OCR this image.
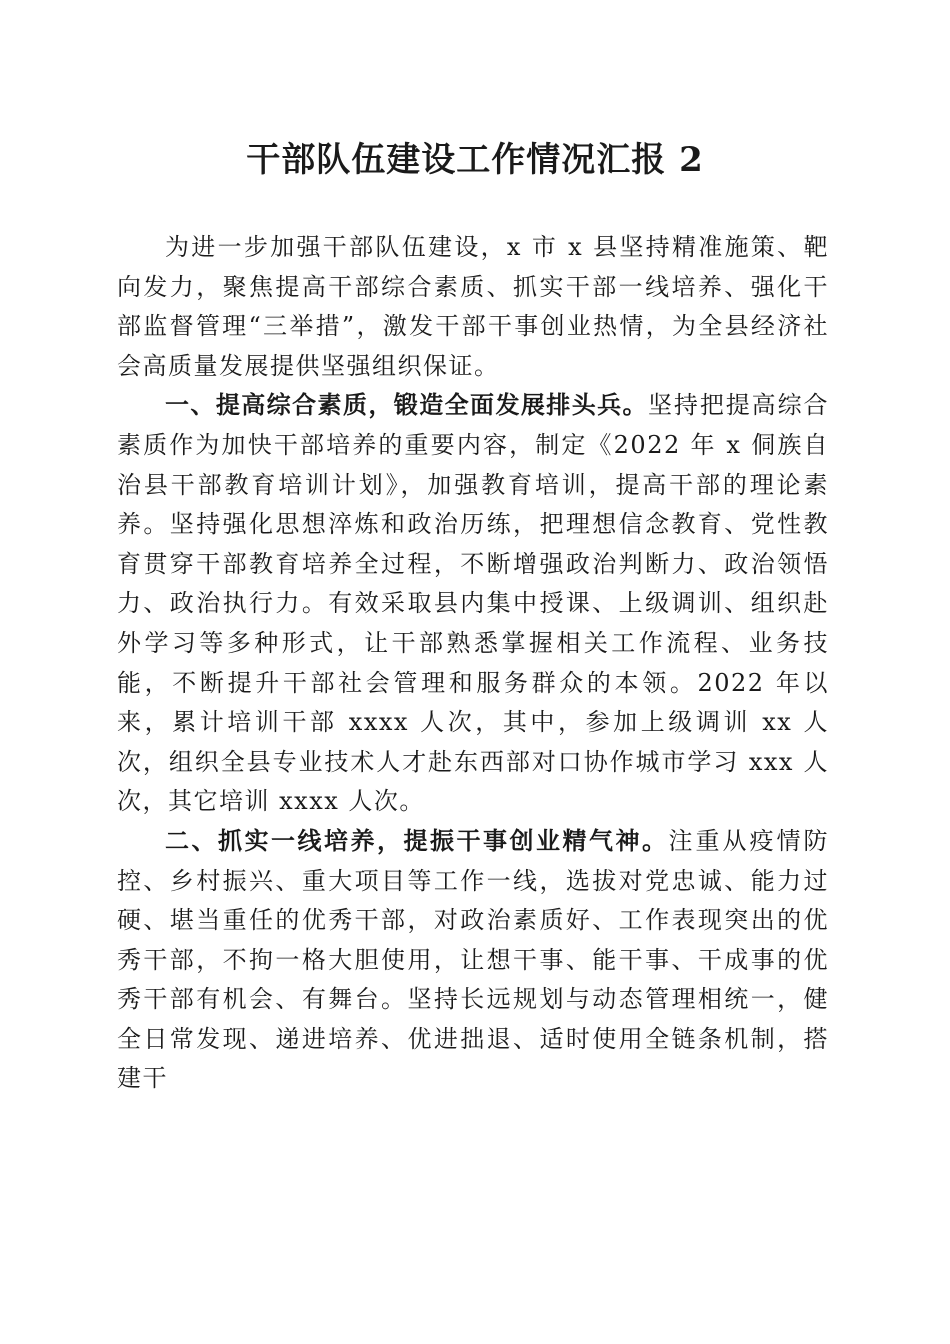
干部队伍建设工作情况汇报 2

为进一步加强干部队伍建设，x 市 x 县坚持精准施策、靶向发力，聚焦提高干部综合素质、抓实干部一线培养、强化干部监督管理“三举措”，激发干部干事创业热情，为全县经济社会高质量发展提供坚强组织保证。

一、提高综合素质，锻造全面发展排头兵。坚持把提高综合素质作为加快干部培养的重要内容，制定《2022 年 x 侗族自治县干部教育培训计划》，加强教育培训，提高干部的理论素养。坚持强化思想淬炼和政治历练，把理想信念教育、党性教育贯穿干部教育培养全过程，不断增强政治判断力、政治领悟力、政治执行力。有效采取县内集中授课、上级调训、组织赴外学习等多种形式，让干部熟悉掌握相关工作流程、业务技能，不断提升干部社会管理和服务群众的本领。2022 年以来，累计培训干部 xxxx 人次，其中，参加上级调训 xx 人次，组织全县专业技术人才赴东西部对口协作城市学习 xxx 人次，其它培训 xxxx 人次。

二、抓实一线培养，提振干事创业精气神。注重从疫情防控、乡村振兴、重大项目等工作一线，选拔对党忠诚、能力过硬、堪当重任的优秀干部，对政治素质好、工作表现突出的优秀干部，不拘一格大胆使用，让想干事、能干事、干成事的优秀干部有机会、有舞台。坚持长远规划与动态管理相统一，健全日常发现、递进培养、优进拙退、适时使用全链条机制，搭建干
